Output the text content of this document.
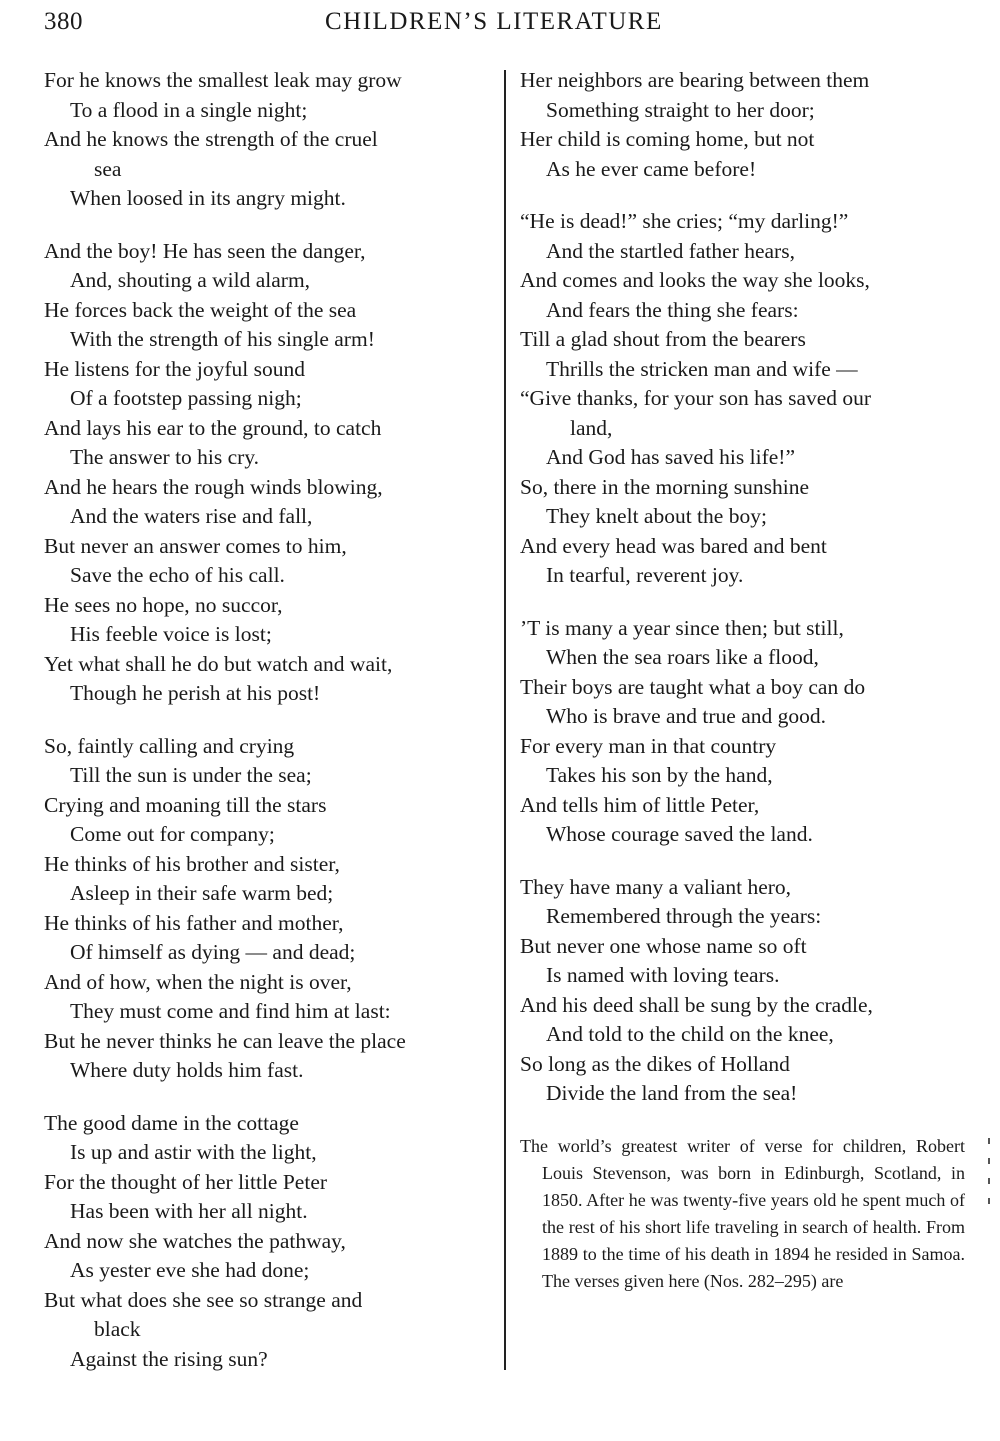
380	CHILDREN’S LITERATURE
For he knows the smallest leak may grow
To a flood in a single night;
And he knows the strength of the cruel
sea
When loosed in its angry might.
And the boy! He has seen the danger,
And, shouting a wild alarm,
He forces back the weight of the sea
With the strength of his single arm!
He listens for the joyful sound
Of a footstep passing nigh;
And lays his ear to the ground, to catch
The answer to his cry.
And he hears the rough winds blowing,
And the waters rise and fall,
But never an answer comes to him,
Save the echo of his call.
He sees no hope, no succor,
His feeble voice is lost;
Yet what shall he do but watch and wait,
Though he perish at his post!
So, faintly calling and crying
Till the sun is under the sea;
Crying and moaning till the stars
Come out for company;
He thinks of his brother and sister,
Asleep in their safe warm bed;
He thinks of his father and mother,
Of himself as dying — and dead;
And of how, when the night is over,
They must come and find him at last:
But he never thinks he can leave the place
Where duty holds him fast.
The good dame in the cottage
Is up and astir with the light,
For the thought of her little Peter
Has been with her all night.
And now she watches the pathway,
As yester eve she had done;
But what does she see so strange and
black
Against the rising sun?
Her neighbors are bearing between them
Something straight to her door;
Her child is coming home, but not
As he ever came before!
“He is dead!” she cries; “my darling!”
And the startled father hears,
And comes and looks the way she looks,
And fears the thing she fears:
Till a glad shout from the bearers
Thrills the stricken man and wife —
“Give thanks, for your son has saved our
land,
And God has saved his life!”
So, there in the morning sunshine
They knelt about the boy;
And every head was bared and bent
In tearful, reverent joy.
’T is many a year since then; but still,
When the sea roars like a flood,
Their boys are taught what a boy can do
Who is brave and true and good.
For every man in that country
Takes his son by the hand,
And tells him of little Peter,
Whose courage saved the land.
They have many a valiant hero,
Remembered through the years:
But never one whose name so oft
Is named with loving tears.
And his deed shall be sung by the cradle,
And told to the child on the knee,
So long as the dikes of Holland
Divide the land from the sea!
The world’s greatest writer of verse for children, Robert Louis Stevenson, was born in Edinburgh, Scotland, in 1850. After he was twenty-five years old he spent much of the rest of his short life traveling in search of health. From 1889 to the time of his death in 1894 he resided in Samoa. The verses given here (Nos. 282–295) are
